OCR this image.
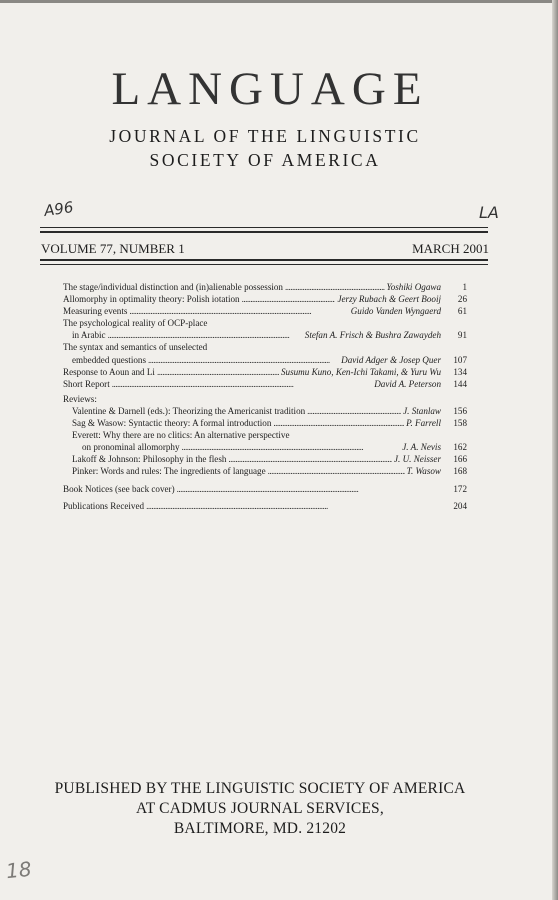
LANGUAGE
JOURNAL OF THE LINGUISTIC
SOCIETY OF AMERICA
A96	LA
VOLUME 77, NUMBER 1	MARCH 2001
The stage/individual distinction and (in)alienable possession . . .	Yoshiki Ogawa	1
Allomorphy in optimality theory: Polish iotation . . .	Jerzy Rubach & Geert Booij	26
Measuring events . . .	Guido Vanden Wyngaerd	61
The psychological reality of OCP-place
in Arabic . . .	Stefan A. Frisch & Bushra Zawaydeh	91
The syntax and semantics of unselected
embedded questions . . .	David Adger & Josep Quer	107
Response to Aoun and Li . . .	Susumu Kuno, Ken-Ichi Takami, & Yuru Wu	134
Short Report . . .	David A. Peterson	144
Reviews:
Valentine & Darnell (eds.): Theorizing the Americanist tradition . . .	J. Stanlaw	156
Sag & Wasow: Syntactic theory: A formal introduction . . .	P. Farrell	158
Everett: Why there are no clitics: An alternative perspective
on pronominal allomorphy . . .	J. A. Nevis	162
Lakoff & Johnson: Philosophy in the flesh . . .	J. U. Neisser	166
Pinker: Words and rules: The ingredients of language . . .	T. Wasow	168
Book Notices (see back cover) . . .	172
Publications Received . . .	204
PUBLISHED BY THE LINGUISTIC SOCIETY OF AMERICA
AT CADMUS JOURNAL SERVICES,
BALTIMORE, MD. 21202
18
